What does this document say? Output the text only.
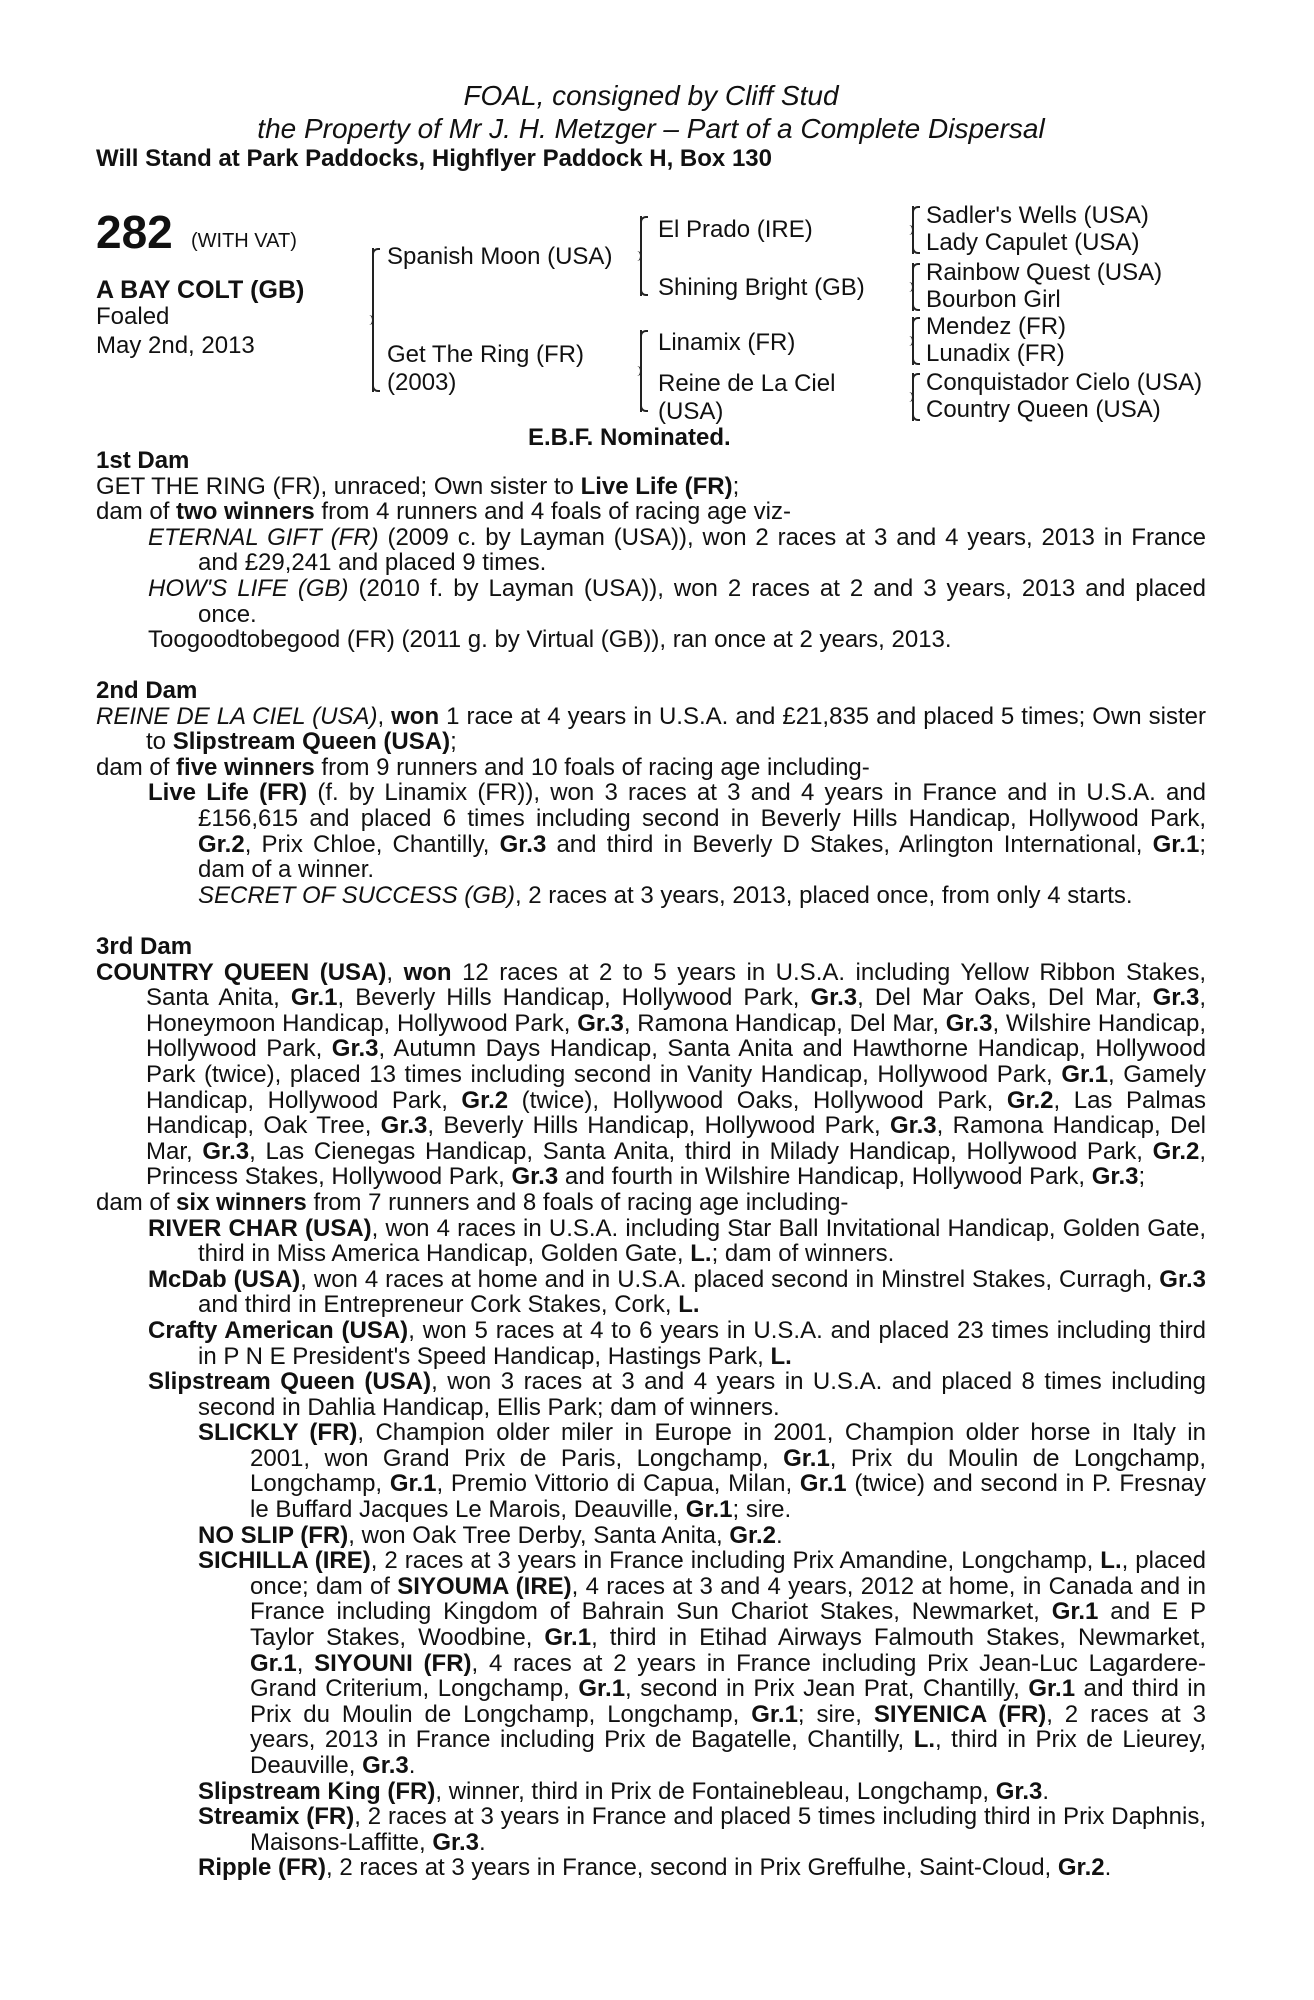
FOAL, consigned by Cliff Stud
the Property of Mr J. H. Metzger – Part of a Complete Dispersal
Will Stand at Park Paddocks, Highflyer Paddock H, Box 130
282 (WITH VAT)
A BAY COLT (GB)
Foaled
May 2nd, 2013
Spanish Moon (USA)
Get The Ring (FR)
(2003)
El Prado (IRE)
Shining Bright (GB)
Linamix (FR)
Reine de La Ciel
(USA)
Sadler's Wells (USA)
Lady Capulet (USA)
Rainbow Quest (USA)
Bourbon Girl
Mendez (FR)
Lunadix (FR)
Conquistador Cielo (USA)
Country Queen (USA)
E.B.F. Nominated.

1st Dam

GET THE RING (FR), unraced; Own sister to Live Life (FR);

dam of two winners from 4 runners and 4 foals of racing age viz-

ETERNAL GIFT (FR) (2009 c. by Layman (USA)), won 2 races at 3 and 4 years, 2013 in France and £29,241 and placed 9 times.

HOW'S LIFE (GB) (2010 f. by Layman (USA)), won 2 races at 2 and 3 years, 2013 and placed once.

Toogoodtobegood (FR) (2011 g. by Virtual (GB)), ran once at 2 years, 2013.

2nd Dam

REINE DE LA CIEL (USA), won 1 race at 4 years in U.S.A. and £21,835 and placed 5 times; Own sister to Slipstream Queen (USA);

dam of five winners from 9 runners and 10 foals of racing age including-

Live Life (FR) (f. by Linamix (FR)), won 3 races at 3 and 4 years in France and in U.S.A. and £156,615 and placed 6 times including second in Beverly Hills Handicap, Hollywood Park, Gr.2, Prix Chloe, Chantilly, Gr.3 and third in Beverly D Stakes, Arlington International, Gr.1; dam of a winner.

SECRET OF SUCCESS (GB), 2 races at 3 years, 2013, placed once, from only 4 starts.

3rd Dam

COUNTRY QUEEN (USA), won 12 races at 2 to 5 years in U.S.A. including Yellow Ribbon Stakes, Santa Anita, Gr.1, Beverly Hills Handicap, Hollywood Park, Gr.3, Del Mar Oaks, Del Mar, Gr.3, Honeymoon Handicap, Hollywood Park, Gr.3, Ramona Handicap, Del Mar, Gr.3, Wilshire Handicap, Hollywood Park, Gr.3, Autumn Days Handicap, Santa Anita and Hawthorne Handicap, Hollywood Park (twice), placed 13 times including second in Vanity Handicap, Hollywood Park, Gr.1, Gamely Handicap, Hollywood Park, Gr.2 (twice), Hollywood Oaks, Hollywood Park, Gr.2, Las Palmas Handicap, Oak Tree, Gr.3, Beverly Hills Handicap, Hollywood Park, Gr.3, Ramona Handicap, Del Mar, Gr.3, Las Cienegas Handicap, Santa Anita, third in Milady Handicap, Hollywood Park, Gr.2, Princess Stakes, Hollywood Park, Gr.3 and fourth in Wilshire Handicap, Hollywood Park, Gr.3;

dam of six winners from 7 runners and 8 foals of racing age including-

RIVER CHAR (USA), won 4 races in U.S.A. including Star Ball Invitational Handicap, Golden Gate, third in Miss America Handicap, Golden Gate, L.; dam of winners.

McDab (USA), won 4 races at home and in U.S.A. placed second in Minstrel Stakes, Curragh, Gr.3 and third in Entrepreneur Cork Stakes, Cork, L.

Crafty American (USA), won 5 races at 4 to 6 years in U.S.A. and placed 23 times including third in P N E President's Speed Handicap, Hastings Park, L.

Slipstream Queen (USA), won 3 races at 3 and 4 years in U.S.A. and placed 8 times including second in Dahlia Handicap, Ellis Park; dam of winners.

SLICKLY (FR), Champion older miler in Europe in 2001, Champion older horse in Italy in 2001, won Grand Prix de Paris, Longchamp, Gr.1, Prix du Moulin de Longchamp, Longchamp, Gr.1, Premio Vittorio di Capua, Milan, Gr.1 (twice) and second in P. Fresnay le Buffard Jacques Le Marois, Deauville, Gr.1; sire.

NO SLIP (FR), won Oak Tree Derby, Santa Anita, Gr.2.

SICHILLA (IRE), 2 races at 3 years in France including Prix Amandine, Longchamp, L., placed once; dam of SIYOUMA (IRE), 4 races at 3 and 4 years, 2012 at home, in Canada and in France including Kingdom of Bahrain Sun Chariot Stakes, Newmarket, Gr.1 and E P Taylor Stakes, Woodbine, Gr.1, third in Etihad Airways Falmouth Stakes, Newmarket, Gr.1, SIYOUNI (FR), 4 races at 2 years in France including Prix Jean-Luc Lagardere-Grand Criterium, Longchamp, Gr.1, second in Prix Jean Prat, Chantilly, Gr.1 and third in Prix du Moulin de Longchamp, Longchamp, Gr.1; sire, SIYENICA (FR), 2 races at 3 years, 2013 in France including Prix de Bagatelle, Chantilly, L., third in Prix de Lieurey, Deauville, Gr.3.

Slipstream King (FR), winner, third in Prix de Fontainebleau, Longchamp, Gr.3.

Streamix (FR), 2 races at 3 years in France and placed 5 times including third in Prix Daphnis, Maisons-Laffitte, Gr.3.

Ripple (FR), 2 races at 3 years in France, second in Prix Greffulhe, Saint-Cloud, Gr.2.
